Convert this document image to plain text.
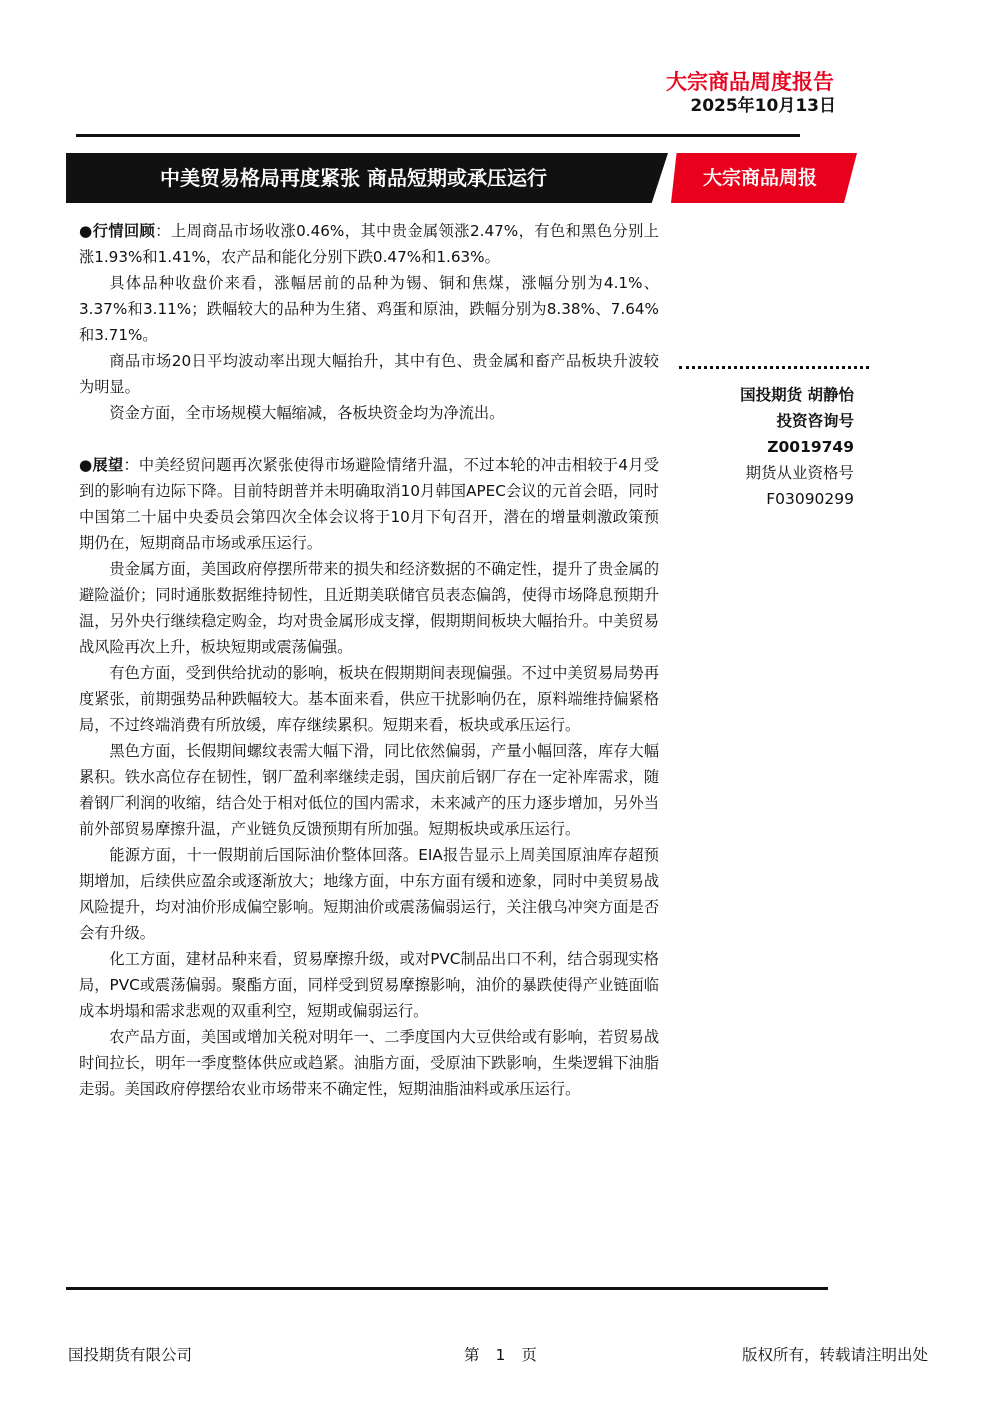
大宗商品周度报告
2025年10月13日
中美贸易格局再度紧张 商品短期或承压运行	大宗商品周报

●行情回顾：上周商品市场收涨0.46%，其中贵金属领涨2.47%，有色和黑色分别上涨1.93%和1.41%，农产品和能化分别下跌0.47%和1.63%。

具体品种收盘价来看，涨幅居前的品种为锡、铜和焦煤，涨幅分别为4.1%、3.37%和3.11%；跌幅较大的品种为生猪、鸡蛋和原油，跌幅分别为8.38%、7.64%和3.71%。

商品市场20日平均波动率出现大幅抬升，其中有色、贵金属和畜产品板块升波较为明显。

资金方面，全市场规模大幅缩减，各板块资金均为净流出。

●展望：中美经贸问题再次紧张使得市场避险情绪升温，不过本轮的冲击相较于4月受到的影响有边际下降。目前特朗普并未明确取消10月韩国APEC会议的元首会晤，同时中国第二十届中央委员会第四次全体会议将于10月下旬召开，潜在的增量刺激政策预期仍在，短期商品市场或承压运行。

贵金属方面，美国政府停摆所带来的损失和经济数据的不确定性，提升了贵金属的避险溢价；同时通胀数据维持韧性，且近期美联储官员表态偏鸽，使得市场降息预期升温，另外央行继续稳定购金，均对贵金属形成支撑，假期期间板块大幅抬升。中美贸易战风险再次上升，板块短期或震荡偏强。

有色方面，受到供给扰动的影响，板块在假期期间表现偏强。不过中美贸易局势再度紧张，前期强势品种跌幅较大。基本面来看，供应干扰影响仍在，原料端维持偏紧格局，不过终端消费有所放缓，库存继续累积。短期来看，板块或承压运行。

黑色方面，长假期间螺纹表需大幅下滑，同比依然偏弱，产量小幅回落，库存大幅累积。铁水高位存在韧性，钢厂盈利率继续走弱，国庆前后钢厂存在一定补库需求，随着钢厂利润的收缩，结合处于相对低位的国内需求，未来减产的压力逐步增加，另外当前外部贸易摩擦升温，产业链负反馈预期有所加强。短期板块或承压运行。

能源方面，十一假期前后国际油价整体回落。EIA报告显示上周美国原油库存超预期增加，后续供应盈余或逐渐放大；地缘方面，中东方面有缓和迹象，同时中美贸易战风险提升，均对油价形成偏空影响。短期油价或震荡偏弱运行，关注俄乌冲突方面是否会有升级。

化工方面，建材品种来看，贸易摩擦升级，或对PVC制品出口不利，结合弱现实格局，PVC或震荡偏弱。聚酯方面，同样受到贸易摩擦影响，油价的暴跌使得产业链面临成本坍塌和需求悲观的双重利空，短期或偏弱运行。

农产品方面，美国或增加关税对明年一、二季度国内大豆供给或有影响，若贸易战时间拉长，明年一季度整体供应或趋紧。油脂方面，受原油下跌影响，生柴逻辑下油脂走弱。美国政府停摆给农业市场带来不确定性，短期油脂油料或承压运行。

国投期货 胡静怡
投资咨询号
Z0019749
期货从业资格号
F03090299
国投期货有限公司	第 1 页	版权所有，转载请注明出处
